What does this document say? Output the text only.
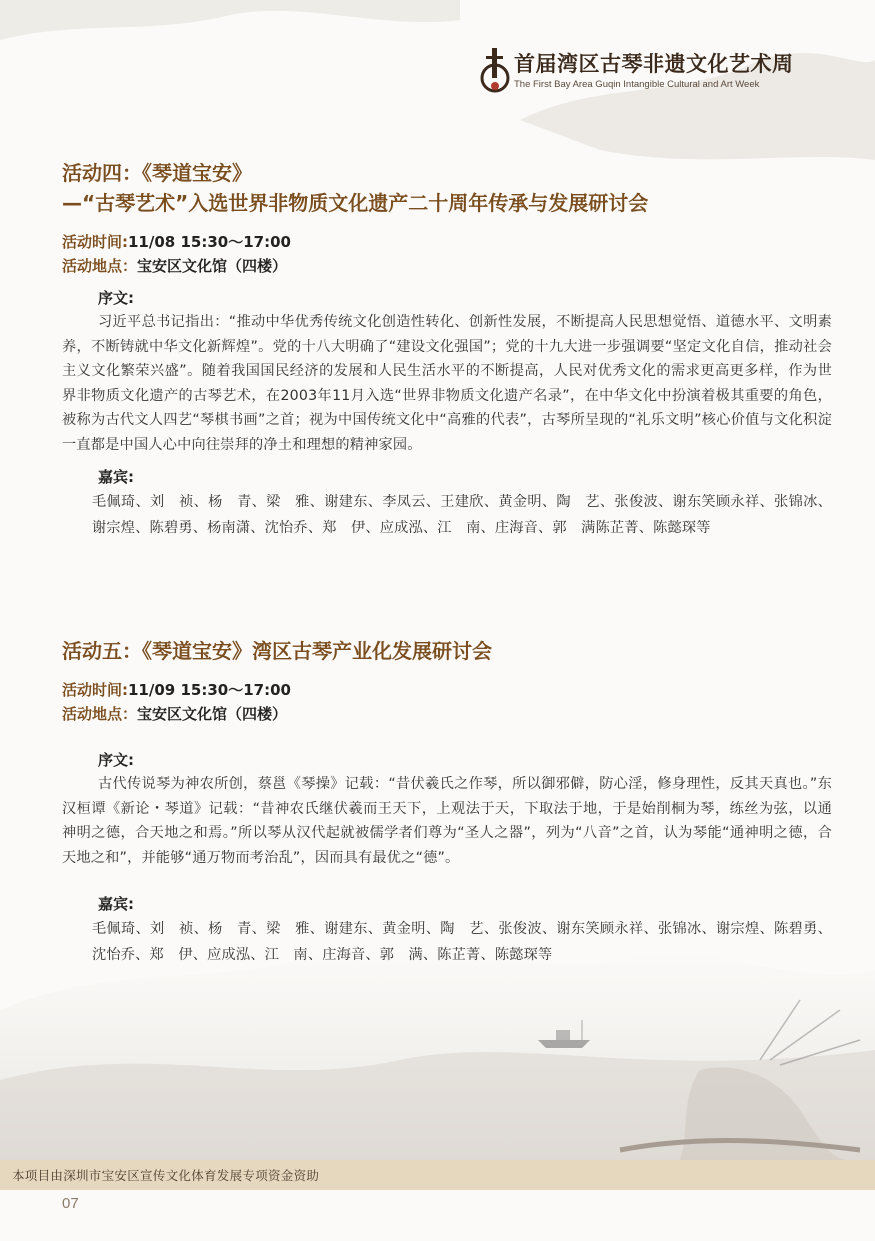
首届湾区古琴非遗文化艺术周
The First Bay Area Guqin Intangible Cultural and Art Week
活动四：《琴道宝安》
—“古琴艺术”入选世界非物质文化遗产二十周年传承与发展研讨会
活动时间:11/08 15:30～17:00
活动地点：宝安区文化馆（四楼）
序文:

习近平总书记指出：“推动中华优秀传统文化创造性转化、创新性发展，不断提高人民思想觉悟、道德水平、文明素养，不断铸就中华文化新辉煌”。党的十八大明确了“建设文化强国”；党的十九大进一步强调要“坚定文化自信，推动社会主义文化繁荣兴盛”。随着我国国民经济的发展和人民生活水平的不断提高，人民对优秀文化的需求更高更多样，作为世界非物质文化遗产的古琴艺术，在2003年11月入选“世界非物质文化遗产名录”，在中华文化中扮演着极其重要的角色，被称为古代文人四艺“琴棋书画”之首；视为中国传统文化中“高雅的代表”，古琴所呈现的“礼乐文明”核心价值与文化积淀一直都是中国人心中向往崇拜的净土和理想的精神家园。

嘉宾:
毛佩琦、刘　祯、杨　青、梁　雅、谢建东、李凤云、王建欣、黄金明、陶　艺、张俊波、谢东笑顾永祥、张锦冰、谢宗煌、陈碧勇、杨南潇、沈怡乔、郑　伊、应成泓、江　南、庄海音、郭　满陈芷菁、陈懿琛等
活动五：《琴道宝安》湾区古琴产业化发展研讨会
活动时间:11/09 15:30～17:00
活动地点：宝安区文化馆（四楼）
序文:

古代传说琴为神农所创，蔡邕《琴操》记载：“昔伏羲氏之作琴，所以御邪僻，防心淫，修身理性，反其天真也。”东汉桓谭《新论・琴道》记载：“昔神农氏继伏羲而王天下，上观法于天，下取法于地，于是始削桐为琴，练丝为弦，以通神明之德，合天地之和焉。”所以琴从汉代起就被儒学者们尊为“圣人之器”，列为“八音”之首，认为琴能“通神明之德，合天地之和”，并能够“通万物而考治乱”，因而具有最优之“德”。

嘉宾:
毛佩琦、刘　祯、杨　青、梁　雅、谢建东、黄金明、陶　艺、张俊波、谢东笑顾永祥、张锦冰、谢宗煌、陈碧勇、沈怡乔、郑　伊、应成泓、江　南、庄海音、郭　满、陈芷菁、陈懿琛等
本项目由深圳市宝安区宣传文化体育发展专项资金资助
07
